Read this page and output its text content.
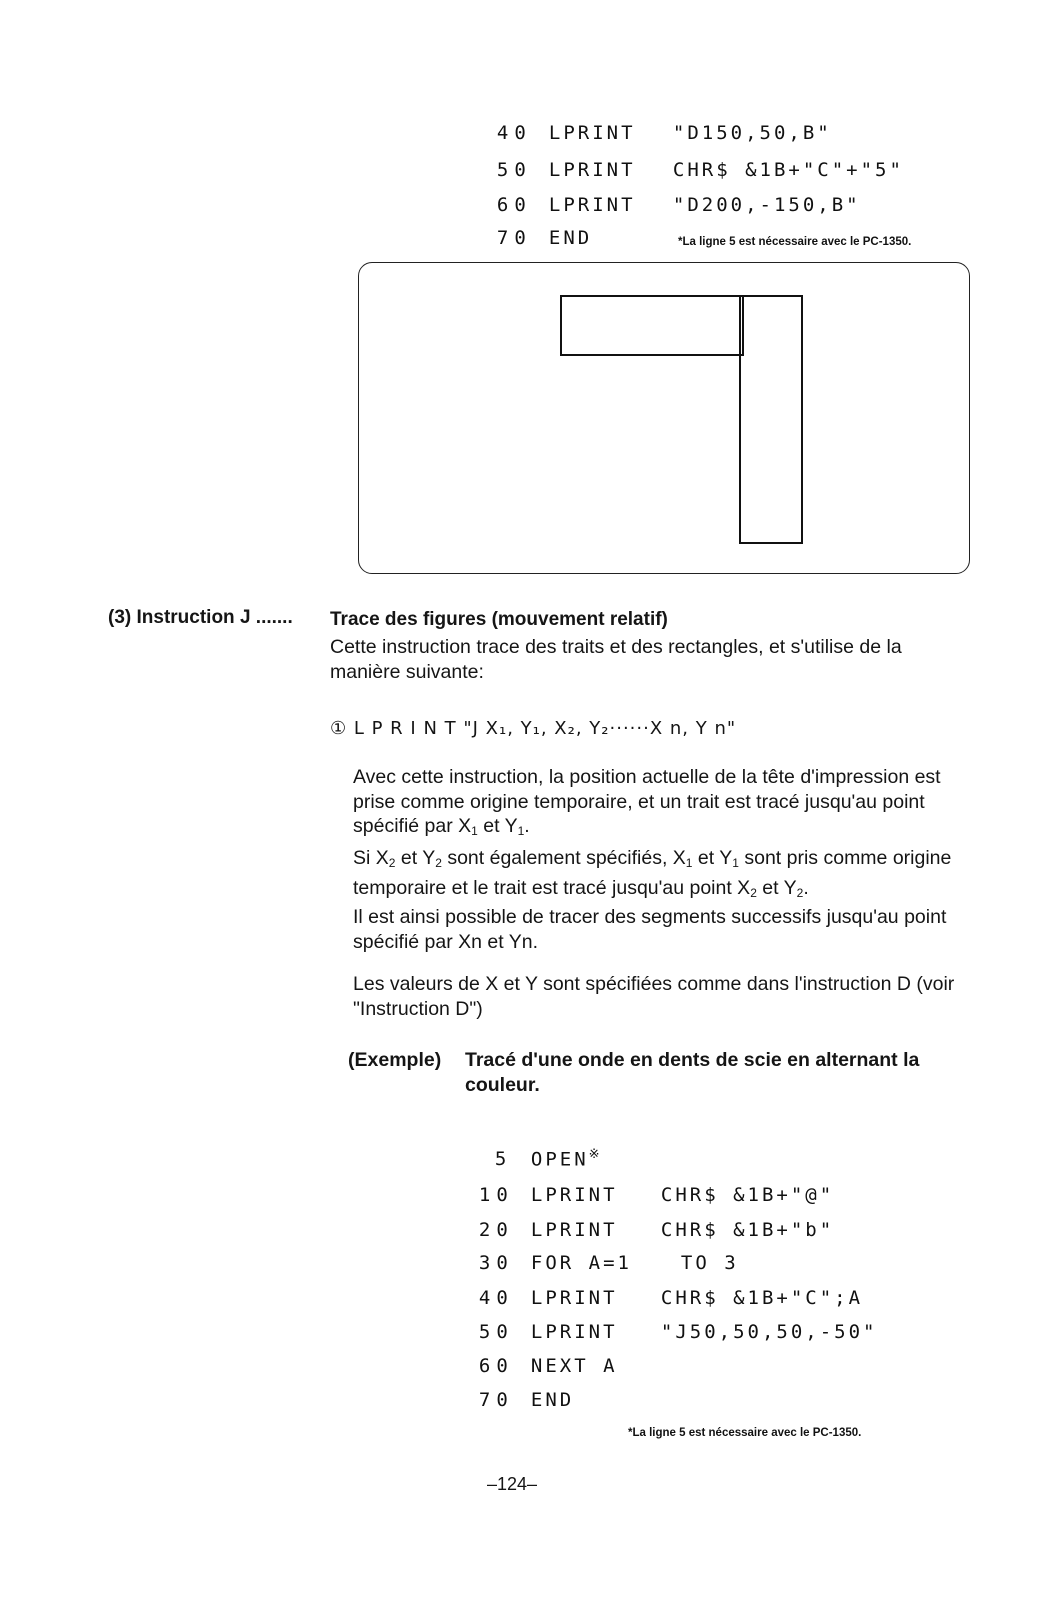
40 LPRINT "D150,50,B"

50 LPRINT CHR$ &1B+"C"+"5"

60 LPRINT "D200,-150,B"

70 END	*La ligne 5 est nécessaire avec le PC-1350.
(3) Instruction J ....... Trace des figures (mouvement relatif)
Cette instruction trace des traits et des rectangles, et s'utilise de la manière suivante:
① L P R I N T "J X₁, Y₁, X₂, Y₂······X n, Y n"
Avec cette instruction, la position actuelle de la tête d'impression est prise comme origine temporaire, et un trait est tracé jusqu'au point spécifié par $X_1$ et $Y_1$.
Si $X_2$ et $Y_2$ sont également spécifiés, $X_1$ et $Y_1$ sont pris comme origine temporaire et le trait est tracé jusqu'au point $X_2$ et $Y_2$.
Il est ainsi possible de tracer des segments successifs jusqu'au point spécifié par Xn et Yn.
Les valeurs de X et Y sont spécifiées comme dans l'instruction D (voir "Instruction D")
(Exemple) Tracé d'une onde en dents de scie en alternant la couleur.

5 OPEN※

10 LPRINT CHR$ &1B+"@"

20 LPRINT CHR$ &1B+"b"

30 FOR A=1	TO 3

40 LPRINT CHR$ &1B+"C";A

50 LPRINT "J50,50,50,-50"

60 NEXT A

70 END

*La ligne 5 est nécessaire avec le PC-1350.
–124–
